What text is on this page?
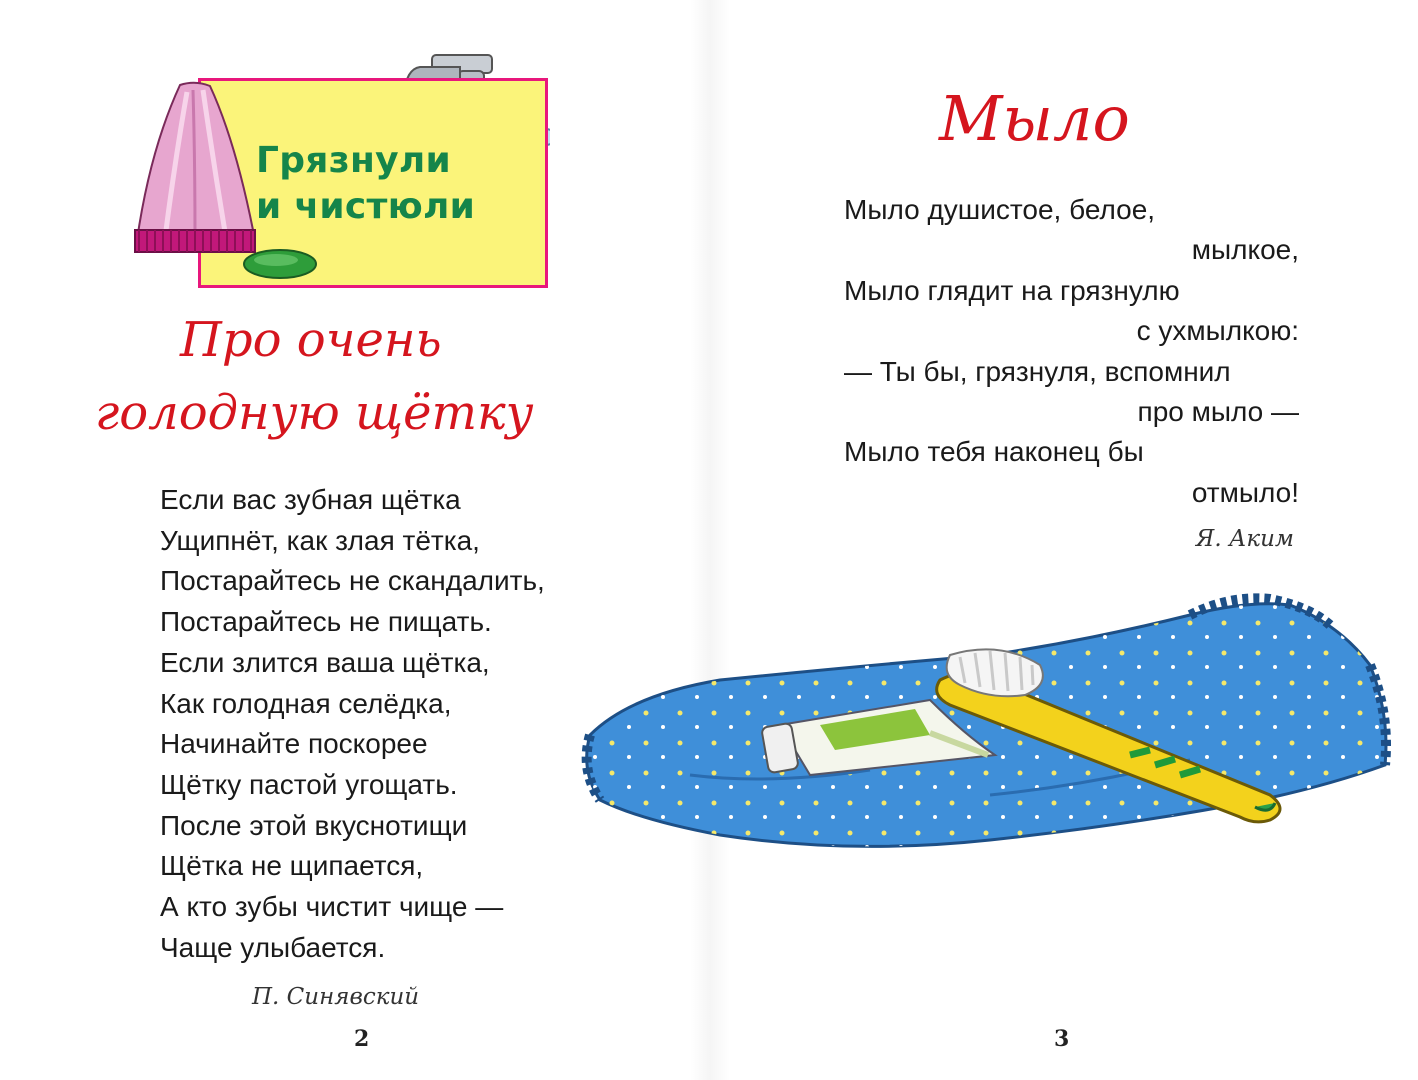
Грязнули
и чистюли
Про очень
голодную щётку
Если вас зубная щётка
Ущипнёт, как злая тётка,
Постарайтесь не скандалить,
Постарайтесь не пищать.
Если злится ваша щётка,
Как голодная селёдка,
Начинайте поскорее
Щётку пастой угощать.
После этой вкуснотищи
Щётка не щипается,
А кто зубы чистит чище —
Чаще улыбается.
П. Синявский
2
Мыло
Мыло душистое, белое,
мылкое,
Мыло глядит на грязнулю
с ухмылкою:
— Ты бы, грязнуля, вспомнил
про мыло —
Мыло тебя наконец бы
отмыло!
Я. Аким
3
